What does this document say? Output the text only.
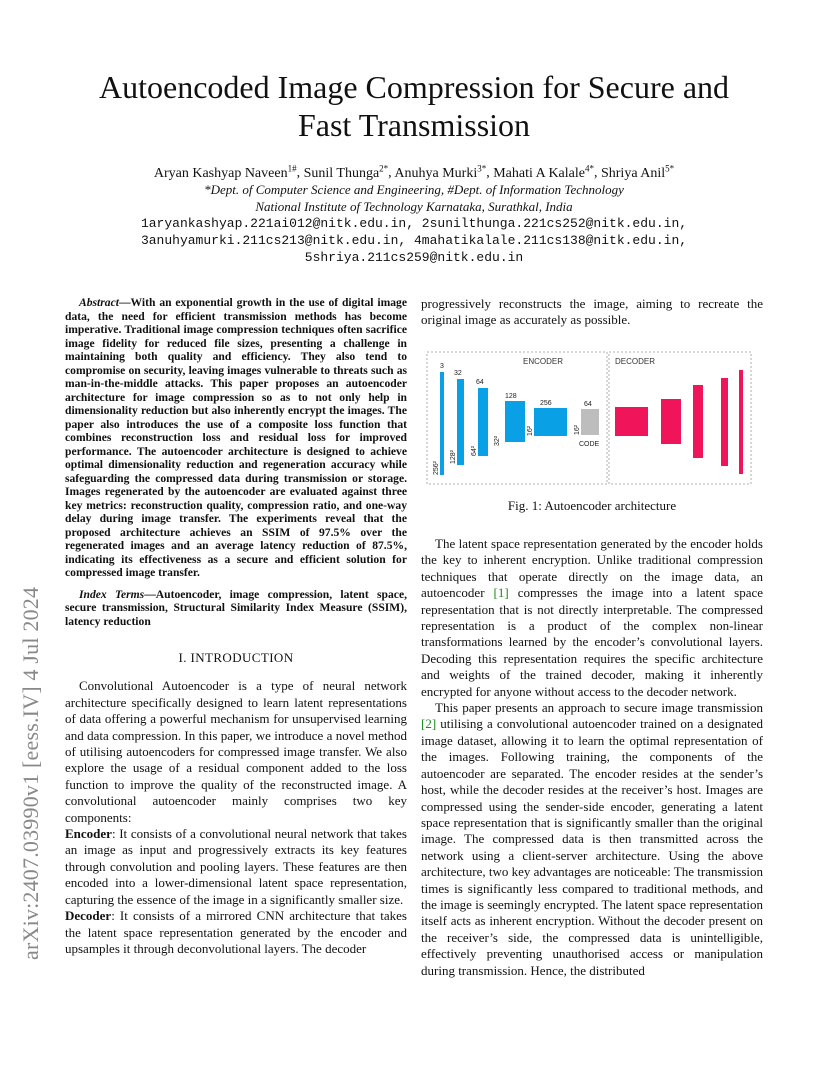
arXiv:2407.03990v1 [eess.IV] 4 Jul 2024
Autoencoded Image Compression for Secure and
Fast Transmission
Aryan Kashyap Naveen$^{1\#}$, Sunil Thunga$^{2*}$, Anuhya Murki$^{3*}$, Mahati A Kalale$^{4*}$, Shriya Anil$^{5*}$
*Dept. of Computer Science and Engineering, #Dept. of Information Technology
National Institute of Technology Karnataka, Surathkal, India
1aryankashyap.221ai012@nitk.edu.in, 2sunilthunga.221cs252@nitk.edu.in,
3anuhyamurki.211cs213@nitk.edu.in, 4mahatikalale.211cs138@nitk.edu.in,
5shriya.211cs259@nitk.edu.in

Abstract—With an exponential growth in the use of digital image data, the need for efficient transmission methods has become imperative. Traditional image compression techniques often sacrifice image fidelity for reduced file sizes, presenting a challenge in maintaining both quality and efficiency. They also tend to compromise on security, leaving images vulnerable to threats such as man-in-the-middle attacks. This paper proposes an autoencoder architecture for image compression so as to not only help in dimensionality reduction but also inherently encrypt the images. The paper also introduces the use of a composite loss function that combines reconstruction loss and residual loss for improved performance. The autoencoder architecture is designed to achieve optimal dimensionality reduction and regeneration accuracy while safeguarding the compressed data during transmission or storage. Images regenerated by the autoencoder are evaluated against three key metrics: reconstruction quality, compression ratio, and one-way delay during image transfer. The experiments reveal that the proposed architecture achieves an SSIM of 97.5% over the regenerated images and an average latency reduction of 87.5%, indicating its effectiveness as a secure and efficient solution for compressed image transfer.

Index Terms—Autoencoder, image compression, latent space, secure transmission, Structural Similarity Index Measure (SSIM), latency reduction

I. INTRODUCTION

Convolutional Autoencoder is a type of neural network architecture specifically designed to learn latent representations of data offering a powerful mechanism for unsupervised learning and data compression. In this paper, we introduce a novel method of utilising autoencoders for compressed image transfer. We also explore the usage of a residual component added to the loss function to improve the quality of the reconstructed image. A convolutional autoencoder mainly comprises two key components:

Encoder: It consists of a convolutional neural network that takes an image as input and progressively extracts its key features through convolution and pooling layers. These features are then encoded into a lower-dimensional latent space representation, capturing the essence of the image in a significantly smaller size.

Decoder: It consists of a mirrored CNN architecture that takes the latent space representation generated by the encoder and upsamples it through deconvolutional layers. The decoder

progressively reconstructs the image, aiming to recreate the original image as accurately as possible.

ENCODER	DECODER
3
32
64
128
256	64
256²
128² 64²
32²
16²	16²
CODE
Fig. 1: Autoencoder architecture

The latent space representation generated by the encoder holds the key to inherent encryption. Unlike traditional compression techniques that operate directly on the image data, an autoencoder [1] compresses the image into a latent space representation that is not directly interpretable. The compressed representation is a product of the complex non-linear transformations learned by the encoder’s convolutional layers. Decoding this representation requires the specific architecture and weights of the trained decoder, making it inherently encrypted for anyone without access to the decoder network.

This paper presents an approach to secure image transmission [2] utilising a convolutional autoencoder trained on a designated image dataset, allowing it to learn the optimal representation of the images. Following training, the components of the autoencoder are separated. The encoder resides at the sender’s host, while the decoder resides at the receiver’s host. Images are compressed using the sender-side encoder, generating a latent space representation that is significantly smaller than the original image. The compressed data is then transmitted across the network using a client-server architecture. Using the above architecture, two key advantages are noticeable: The transmission times is significantly less compared to traditional methods, and the image is seemingly encrypted. The latent space representation itself acts as inherent encryption. Without the decoder present on the receiver’s side, the compressed data is unintelligible, effectively preventing unauthorised access or manipulation during transmission. Hence, the distributed
